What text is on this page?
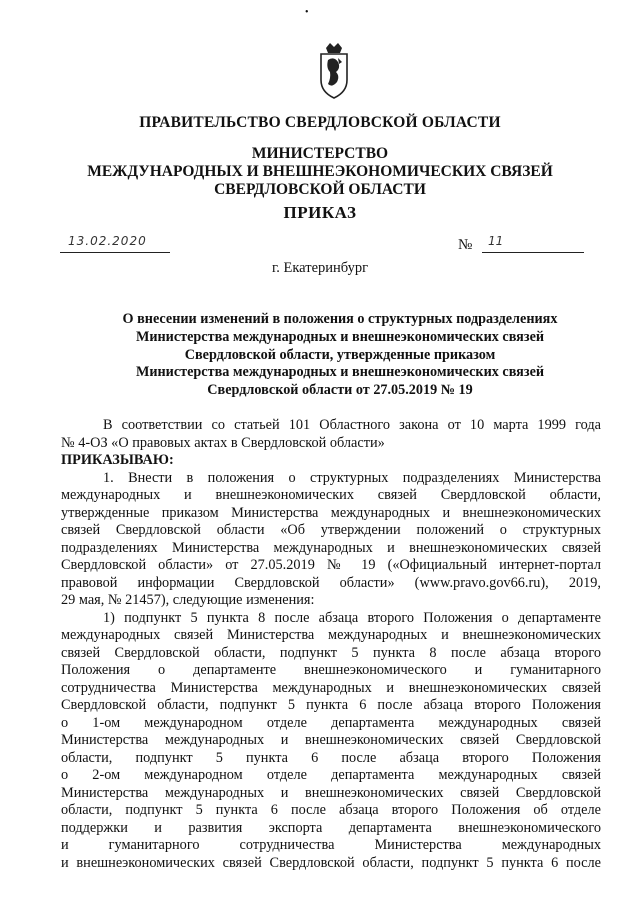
•
ПРАВИТЕЛЬСТВО СВЕРДЛОВСКОЙ ОБЛАСТИ
МИНИСТЕРСТВО
МЕЖДУНАРОДНЫХ И ВНЕШНЕЭКОНОМИЧЕСКИХ СВЯЗЕЙ
СВЕРДЛОВСКОЙ ОБЛАСТИ
ПРИКАЗ
13.02.2020	№ 11
г. Екатеринбург
О внесении изменений в положения о структурных подразделениях
Министерства международных и внешнеэкономических связей
Свердловской области, утвержденные приказом
Министерства международных и внешнеэкономических связей
Свердловской области от 27.05.2019 № 19
В соответствии со статьей 101 Областного закона от 10 марта 1999 года
№ 4-ОЗ «О правовых актах в Свердловской области»
ПРИКАЗЫВАЮ:
1. Внести в положения о структурных подразделениях Министерства
международных и внешнеэкономических связей Свердловской области,
утвержденные приказом Министерства международных и внешнеэкономических
связей Свердловской области «Об утверждении положений о структурных
подразделениях Министерства международных и внешнеэкономических связей
Свердловской области» от 27.05.2019 № 19 («Официальный интернет-портал
правовой информации Свердловской области» (www.pravo.gov66.ru), 2019,
29 мая, № 21457), следующие изменения:
1) подпункт 5 пункта 8 после абзаца второго Положения о департаменте
международных связей Министерства международных и внешнеэкономических
связей Свердловской области, подпункт 5 пункта 8 после абзаца второго
Положения о департаменте внешнеэкономического и гуманитарного
сотрудничества Министерства международных и внешнеэкономических связей
Свердловской области, подпункт 5 пункта 6 после абзаца второго Положения
о 1-ом международном отделе департамента международных связей
Министерства международных и внешнеэкономических связей Свердловской
области, подпункт 5 пункта 6 после абзаца второго Положения
о 2-ом международном отделе департамента международных связей
Министерства международных и внешнеэкономических связей Свердловской
области, подпункт 5 пункта 6 после абзаца второго Положения об отделе
поддержки и развития экспорта департамента внешнеэкономического
и гуманитарного сотрудничества Министерства международных
и внешнеэкономических связей Свердловской области, подпункт 5 пункта 6 после
